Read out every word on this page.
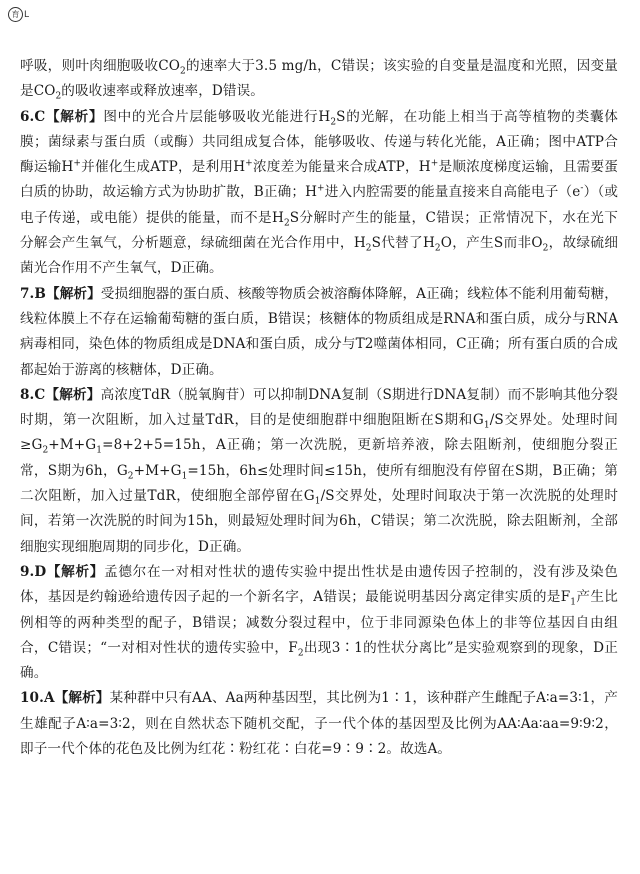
育 L

呼吸，则叶肉细胞吸收$CO_2$的速率大于3.5 mg/h，C错误；该实验的自变量是温度和光照，因变量是$CO_2$的吸收速率或释放速率，D错误。

6.C【解析】图中的光合片层能够吸收光能进行$H_2S$的光解，在功能上相当于高等植物的类囊体膜；菌绿素与蛋白质（或酶）共同组成复合体，能够吸收、传递与转化光能，A正确；图中ATP合酶运输H+并催化生成ATP，是利用H+浓度差为能量来合成ATP，H+是顺浓度梯度运输，且需要蛋白质的协助，故运输方式为协助扩散，B正确；H+进入内腔需要的能量直接来自高能电子（e-）（或电子传递，或电能）提供的能量，而不是$H_2S$分解时产生的能量，C错误；正常情况下，水在光下分解会产生氧气，分析题意，绿硫细菌在光合作用中，$H_2S$代替了$H_2O$，产生S而非$O_2$，故绿硫细菌光合作用不产生氧气，D正确。

7.B【解析】受损细胞器的蛋白质、核酸等物质会被溶酶体降解，A正确；线粒体不能利用葡萄糖，线粒体膜上不存在运输葡萄糖的蛋白质，B错误；核糖体的物质组成是RNA和蛋白质，成分与RNA病毒相同，染色体的物质组成是DNA和蛋白质，成分与T2噬菌体相同，C正确；所有蛋白质的合成都起始于游离的核糖体，D正确。

8.C【解析】高浓度TdR（脱氧胸苷）可以抑制DNA复制（S期进行DNA复制）而不影响其他分裂时期，第一次阻断，加入过量TdR，目的是使细胞群中细胞阻断在S期和$G_1/S$交界处。处理时间$\ge G_2+M+G_1=8+2+5=15h$，A正确；第一次洗脱，更新培养液，除去阻断剂，使细胞分裂正常，S期为6h，$G_2+M+G_1=15h$，6h≤处理时间≤15h，使所有细胞没有停留在S期，B正确；第二次阻断，加入过量TdR，使细胞全部停留在$G_1/S$交界处，处理时间取决于第一次洗脱的处理时间，若第一次洗脱的时间为15h，则最短处理时间为6h，C错误；第二次洗脱，除去阻断剂，全部细胞实现细胞周期的同步化，D正确。

9.D【解析】孟德尔在一对相对性状的遗传实验中提出性状是由遗传因子控制的，没有涉及染色体，基因是约翰逊给遗传因子起的一个新名字，A错误；最能说明基因分离定律实质的是$F_1$产生比例相等的两种类型的配子，B错误；减数分裂过程中，位于非同源染色体上的非等位基因自由组合，C错误；“一对相对性状的遗传实验中，$F_2$出现3∶1的性状分离比”是实验观察到的现象，D正确。

10.A【解析】某种群中只有AA、Aa两种基因型，其比例为1∶1，该种群产生雌配子A∶a=3∶1，产生雄配子A∶a=3∶2，则在自然状态下随机交配，子一代个体的基因型及比例为AA∶Aa∶aa=9∶9∶2，即子一代个体的花色及比例为红花∶粉红花∶白花=9∶9∶2。故选A。
